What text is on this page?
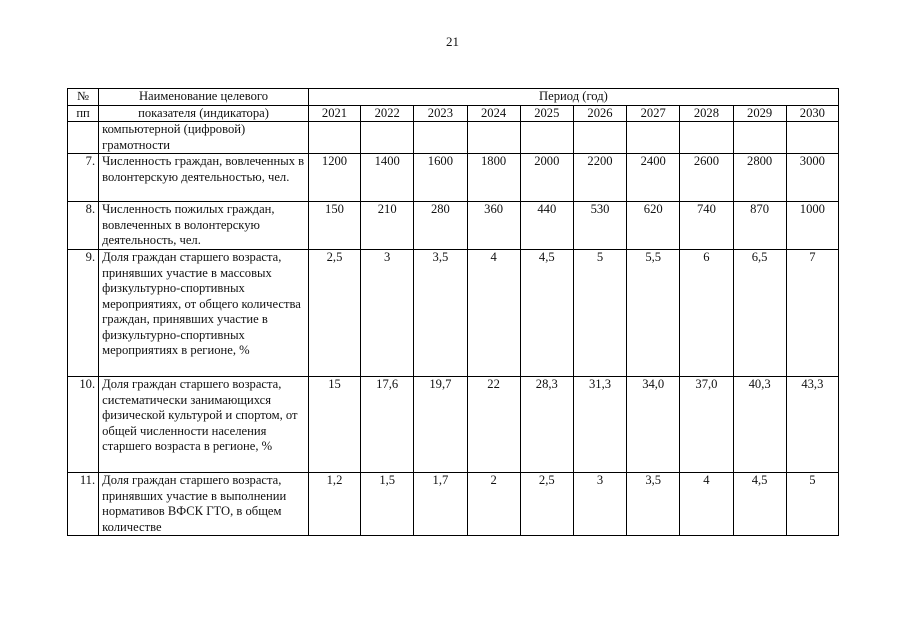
21
№	Наименование целевого	Период (год)									
пп	показателя (индикатора)	2021	2022	2023	2024	2025	2026	2027	2028	2029	2030
	компьютерной (цифровой) грамотности										
7.	Численность граждан, вовлеченных в волонтерскую деятельностью, чел.	1200	1400	1600	1800	2000	2200	2400	2600	2800	3000
8.	Численность пожилых граждан, вовлеченных в волонтерскую деятельность, чел.	150	210	280	360	440	530	620	740	870	1000
9.	Доля граждан старшего возраста, принявших участие в массовых физкультурно-спортивных мероприятиях, от общего количества граждан, принявших участие в физкультурно-спортивных мероприятиях в регионе, %	2,5	3	3,5	4	4,5	5	5,5	6	6,5	7
10.	Доля граждан старшего возраста, систематически занимающихся физической культурой и спортом, от общей численности населения старшего возраста в регионе, %	15	17,6	19,7	22	28,3	31,3	34,0	37,0	40,3	43,3
11.	Доля граждан старшего возраста, принявших участие в выполнении нормативов ВФСК ГТО, в общем количестве	1,2	1,5	1,7	2	2,5	3	3,5	4	4,5	5
